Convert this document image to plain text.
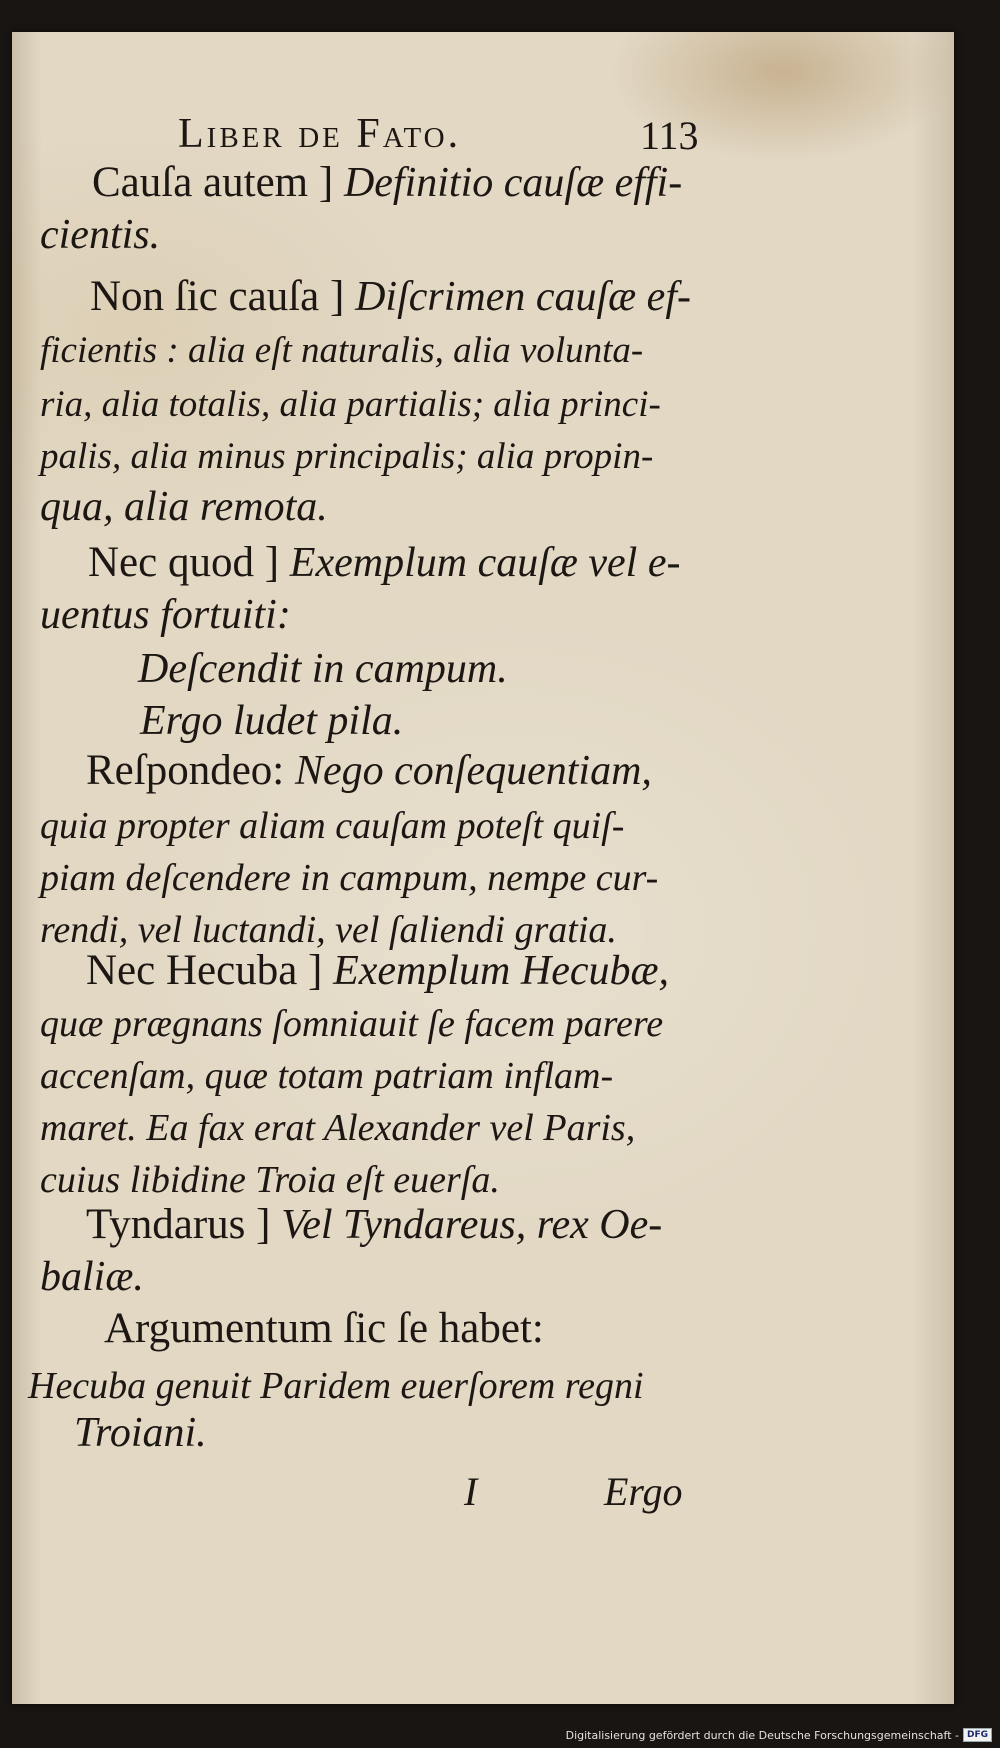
Liber de Fato.	113
Cauſa autem ] Definitio cauſæ effi-
cientis.
Non ſic cauſa ] Diſcrimen cauſæ ef-
ficientis : alia eſt naturalis, alia volunta-
ria, alia totalis, alia partialis; alia princi-
palis, alia minus principalis; alia propin-
qua, alia remota.
Nec quod ] Exemplum cauſæ vel e-
uentus fortuiti:
Deſcendit in campum.
Ergo ludet pila.
Reſpondeo: Nego conſequentiam,
quia propter aliam cauſam poteſt quiſ-
piam deſcendere in campum, nempe cur-
rendi, vel luctandi, vel ſaliendi gratia.
Nec Hecuba ] Exemplum Hecubæ,
quæ prægnans ſomniauit ſe facem parere
accenſam, quæ totam patriam inflam-
maret. Ea fax erat Alexander vel Paris,
cuius libidine Troia eſt euerſa.
Tyndarus ] Vel Tyndareus, rex Oe-
baliæ.
Argumentum ſic ſe habet:
Hecuba genuit Paridem euerſorem regni
Troiani.
I	Ergo
Digitalisierung gefördert durch die Deutsche Forschungsgemeinschaft - DFG
